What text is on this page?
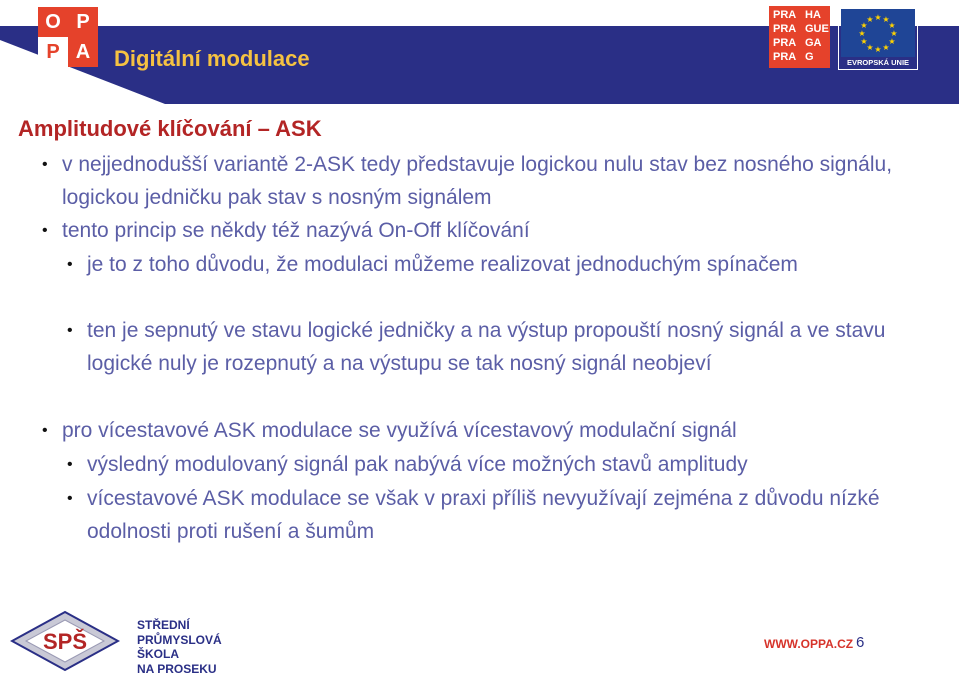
O P
P A	Digitální modulace
PRA HA
PRA GUE
PRA GA
PRA G
★ ★
★
★
★
★
★
★
★
★
★
★
EVROPSKÁ UNIE
Amplitudové klíčování – ASK
• v nejjednodušší variantě 2-ASK tedy představuje logickou nulu stav bez nosného signálu, logickou jedničku pak stav s nosným signálem
• tento princip se někdy též nazývá On-Off klíčování
• je to z toho důvodu, že modulaci můžeme realizovat jednoduchým spínačem
• ten je sepnutý ve stavu logické jedničky a na výstup propouští nosný signál a ve stavu logické nuly je rozepnutý a na výstupu se tak nosný signál neobjeví
• pro vícestavové ASK modulace se využívá vícestavový modulační signál
• výsledný modulovaný signál pak nabývá více možných stavů amplitudy
• vícestavové ASK modulace se však v praxi příliš nevyužívají zejména z důvodu nízké odolnosti proti rušení a šumům
SPŠ
STŘEDNÍ
PRŮMYSLOVÁ
ŠKOLA
NA PROSEKU
WWW.OPPA.CZ 6
